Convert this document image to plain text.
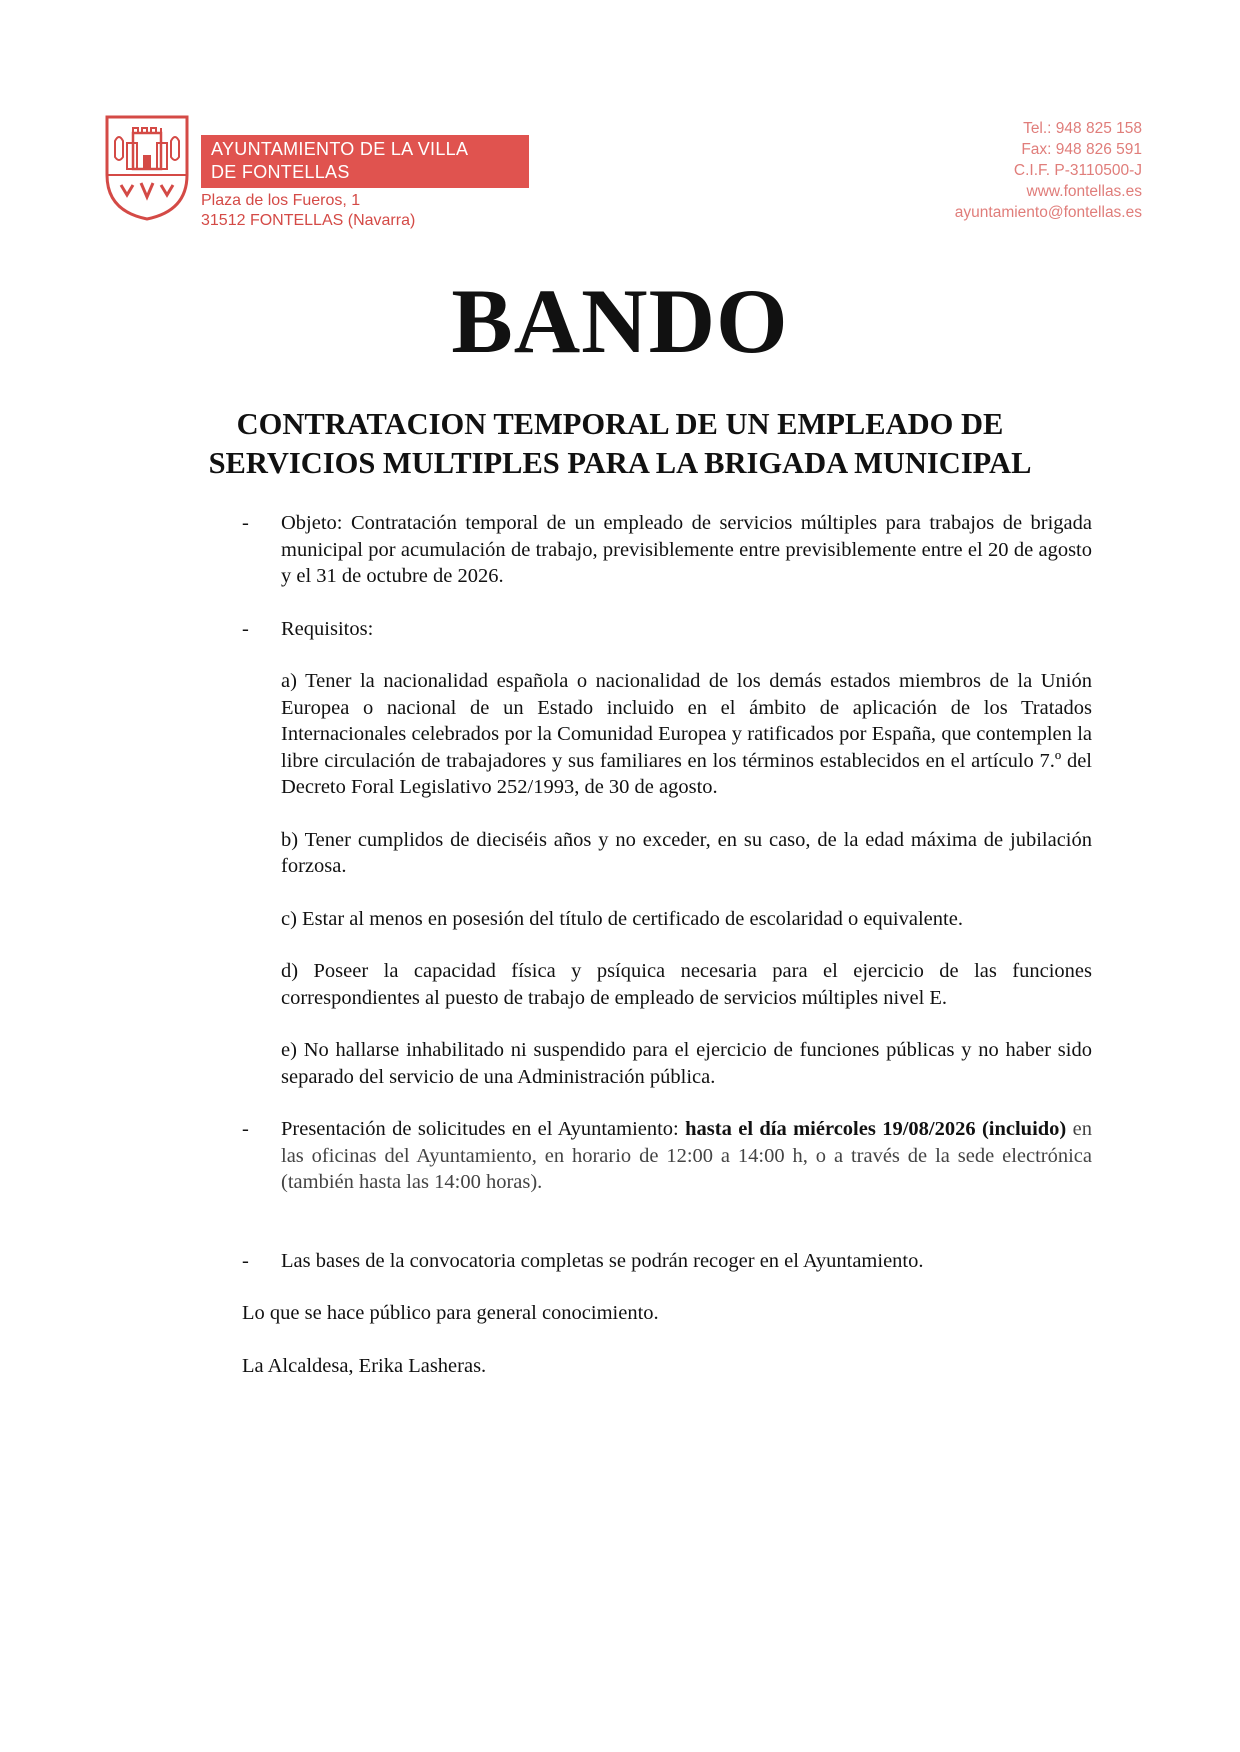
AYUNTAMIENTO DE LA VILLA
DE FONTELLAS
Plaza de los Fueros, 1
31512 FONTELLAS (Navarra)
Tel.: 948 825 158
Fax: 948 826 591
C.I.F. P-3110500-J
www.fontellas.es
ayuntamiento@fontellas.es
BANDO
CONTRATACION TEMPORAL DE UN EMPLEADO DE
SERVICIOS MULTIPLES PARA LA BRIGADA MUNICIPAL
- Objeto: Contratación temporal de un empleado de servicios múltiples para trabajos de brigada municipal por acumulación de trabajo, previsiblemente entre previsiblemente entre el 20 de agosto y el 31 de octubre de 2026.
- Requisitos:
a) Tener la nacionalidad española o nacionalidad de los demás estados miembros de la Unión Europea o nacional de un Estado incluido en el ámbito de aplicación de los Tratados Internacionales celebrados por la Comunidad Europea y ratificados por España, que contemplen la libre circulación de trabajadores y sus familiares en los términos establecidos en el artículo 7.º del Decreto Foral Legislativo 252/1993, de 30 de agosto.
b) Tener cumplidos de dieciséis años y no exceder, en su caso, de la edad máxima de jubilación forzosa.
c) Estar al menos en posesión del título de certificado de escolaridad o equivalente.
d) Poseer la capacidad física y psíquica necesaria para el ejercicio de las funciones correspondientes al puesto de trabajo de empleado de servicios múltiples nivel E.
e) No hallarse inhabilitado ni suspendido para el ejercicio de funciones públicas y no haber sido separado del servicio de una Administración pública.
- Presentación de solicitudes en el Ayuntamiento: hasta el día miércoles 19/08/2026 (incluido) en las oficinas del Ayuntamiento, en horario de 12:00 a 14:00 h, o a través de la sede electrónica (también hasta las 14:00 horas).
- Las bases de la convocatoria completas se podrán recoger en el Ayuntamiento.
Lo que se hace público para general conocimiento.
La Alcaldesa, Erika Lasheras.
